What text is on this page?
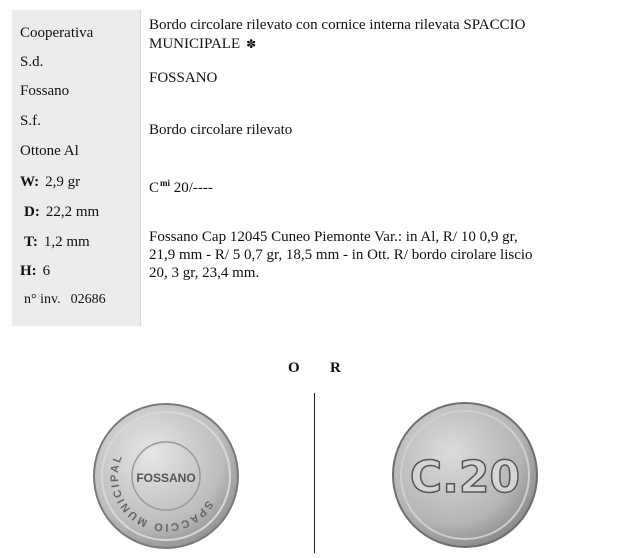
Cooperativa
S.d.
Fossano
S.f.
Ottone Al
W: 2,9 gr
D: 22,2 mm
T: 1,2 mm
H: 6
n° inv. 02686
Bordo circolare rilevato con cornice interna rilevata SPACCIO
MUNICIPALE ✽
FOSSANO
Bordo circolare rilevato
$C^{mi}$ 20/----
Fossano Cap 12045 Cuneo Piemonte Var.: in Al, R/ 10 0,9 gr,
21,9 mm - R/ 5 0,7 gr, 18,5 mm - in Ott. R/ bordo cirolare liscio
20, 3 gr, 23,4 mm.
O R
SPACCIO MUNICIPALE
FOSSANO	C.20
